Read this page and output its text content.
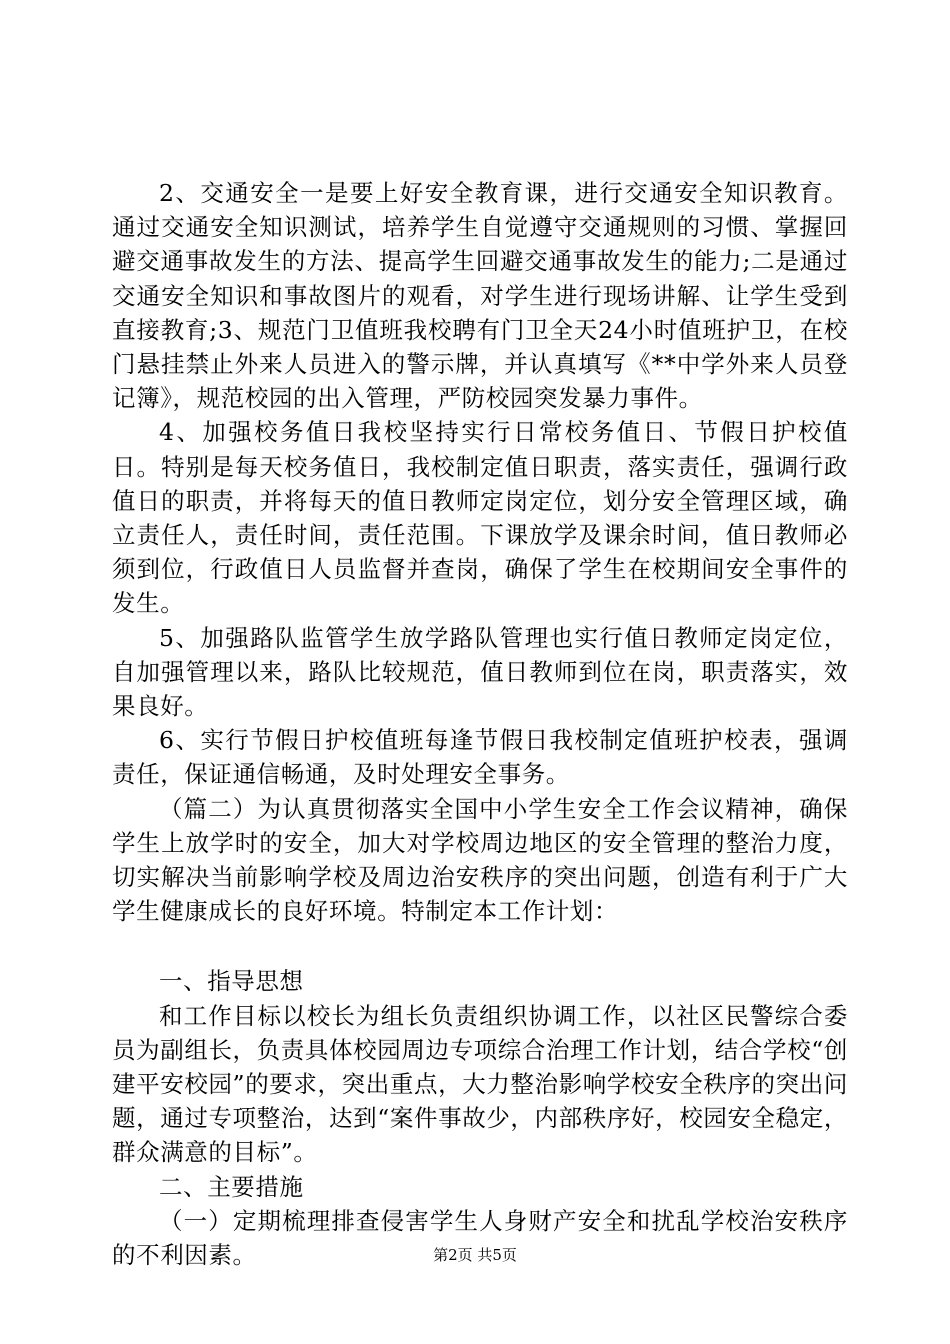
2、交通安全一是要上好安全教育课，进行交通安全知识教育。通过交通安全知识测试，培养学生自觉遵守交通规则的习惯、掌握回避交通事故发生的方法、提高学生回避交通事故发生的能力;二是通过交通安全知识和事故图片的观看，对学生进行现场讲解、让学生受到直接教育;3、规范门卫值班我校聘有门卫全天24小时值班护卫，在校门悬挂禁止外来人员进入的警示牌，并认真填写《**中学外来人员登记簿》，规范校园的出入管理，严防校园突发暴力事件。

4、加强校务值日我校坚持实行日常校务值日、节假日护校值日。特别是每天校务值日，我校制定值日职责，落实责任，强调行政值日的职责，并将每天的值日教师定岗定位，划分安全管理区域，确立责任人，责任时间，责任范围。下课放学及课余时间，值日教师必须到位，行政值日人员监督并查岗，确保了学生在校期间安全事件的发生。

5、加强路队监管学生放学路队管理也实行值日教师定岗定位，自加强管理以来，路队比较规范，值日教师到位在岗，职责落实，效果良好。

6、实行节假日护校值班每逢节假日我校制定值班护校表，强调责任，保证通信畅通，及时处理安全事务。

（篇二）为认真贯彻落实全国中小学生安全工作会议精神，确保学生上放学时的安全，加大对学校周边地区的安全管理的整治力度，切实解决当前影响学校及周边治安秩序的突出问题，创造有利于广大学生健康成长的良好环境。特制定本工作计划：

一、指导思想

和工作目标以校长为组长负责组织协调工作，以社区民警综合委员为副组长，负责具体校园周边专项综合治理工作计划，结合学校“创建平安校园”的要求，突出重点，大力整治影响学校安全秩序的突出问题，通过专项整治，达到“案件事故少，内部秩序好，校园安全稳定，群众满意的目标”。

二、主要措施

（一）定期梳理排查侵害学生人身财产安全和扰乱学校治安秩序的不利因素。	第2页 共5页
